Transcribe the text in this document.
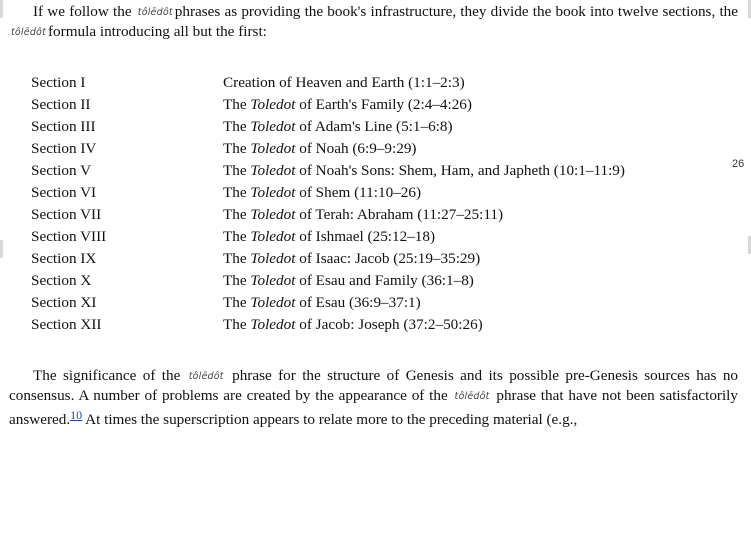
If we follow the tôlēdôt phrases as providing the book's infrastructure, they divide the book into twelve sections, the tôlēdôt formula introducing all but the first:

Section I	Creation of Heaven and Earth (1:1–2:3)
Section II	The Toledot of Earth's Family (2:4–4:26)
Section III	The Toledot of Adam's Line (5:1–6:8)
Section IV	The Toledot of Noah (6:9–9:29)
Section V	The Toledot of Noah's Sons: Shem, Ham, and Japheth (10:1–11:9)
Section VI	The Toledot of Shem (11:10–26)
Section VII	The Toledot of Terah: Abraham (11:27–25:11)
Section VIII	The Toledot of Ishmael (25:12–18)
Section IX	The Toledot of Isaac: Jacob (25:19–35:29)
Section X	The Toledot of Esau and Family (36:1–8)
Section XI	The Toledot of Esau (36:9–37:1)
Section XII	The Toledot of Jacob: Joseph (37:2–50:26)
26

The significance of the tôlēdôt phrase for the structure of Genesis and its possible pre-Genesis sources has no consensus. A number of problems are created by the appearance of the tôlēdôt phrase that have not been satisfactorily answered.$^{10}$ At times the superscription appears to relate more to the preceding material (e.g.,
